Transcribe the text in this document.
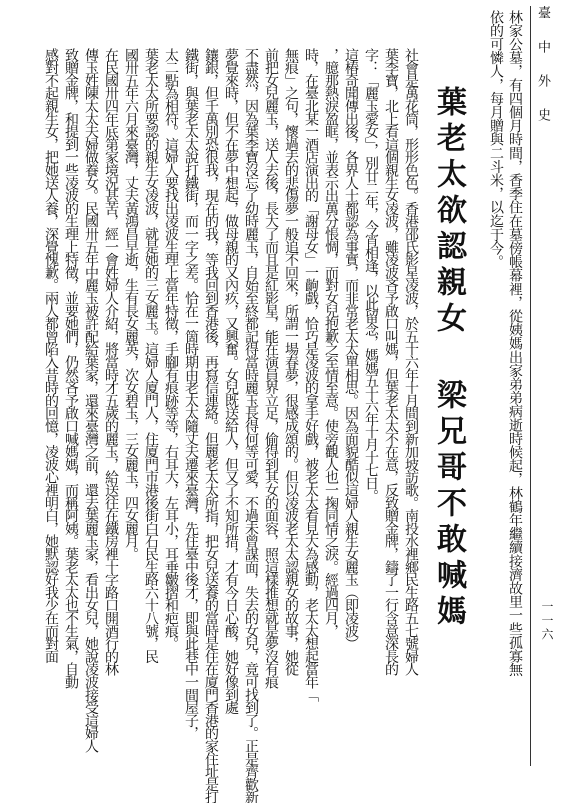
臺 中 外 史
一一六
林家公墓，有四個月時間，香季住在墓傍帳幕裡，從姨媽出家弟弟病逝時候起，林鶴年繼續接濟故里一些孤寡無
依的可憐人，每月贈與二斗米，以迄于今。
葉老太欲認親女 梁兄哥不敢喊媽
社會是萬花筒，形形色色。香港邵氏影星凌波，於五十六年十月間到新加坡訪歌。南投水裡鄉民生路五七號婦人
葉李寶，北上看這個親生女凌波，雖凌波吝予啟口叫媽，但葉老太太不在意，反致贈金牌，鑄了一行含意深長的
字：「麗玉愛女」，別廿二年，今宵相逢，以此留念，媽媽五十六年十月十七日。
這樁奇聞傳出後，各界人士都認為事實，而非常老太太單相思。因為面貌酷似這婦人親生女麗玉（即凌波）
，臆那熱淚盈眶，並表示出萬分悵惆，而對女兒抱歉之至情至意。使旁觀人也一掬同情之淚。經過四月，
時，在臺北某一酒店演出的「謝母女」一齣戲，恰巧是凌波的拿手好戲，被老太太看見大為感動，老太太想起當年「
無痕」之句，懷過去的悲傷夢一般追不回來，所謂一場春夢，很感成頌的。但以凌波老太太認親女的故事，她從
前把女兒麗玉，送人去後，長大了而且是紅影星，能在演員界立足，偷得到其女的面容，照這樣推想就是夢沒有痕
不盡然，因為葉李寶沒忘了幼時麗玉，自始至終都記得當時麗玉長得何等可愛，不過未曾謀面，失去的女兒，竟可找到了。正是齊歡新
夢覺來時，但不在夢中想起，做母親的又內疚，又興奮。女兒既送給人，但又了不知所措，才有今日心酸，她好像到處
鑲銀，但千萬別恐很我，現在的我，等我回到香港後，再寫信連絡。但麗老太太所指，把女兒送養的當時是住在廈門香港的家住址是打
鐵街，與葉老太太說打鐵街，而一字之差。恰在一箇時期由老太太隨丈夫遷來臺灣，先住臺中後才，即與此巷中一間屋子，
太二點為相符。這婦人要找出凌波生理上當年特徵，手腳有痕跡等等，右耳大，左耳小，耳垂皺摺和疤痕。
葉老太太所要認的親生女凌波，就是她的三女麗玉。這婦人廈門人，住廈門市港後街白石民生路六十八號，民
國卅五年六月來臺灣，丈夫黃鴻昌早逝，生有長女麗英，次女碧玉，三女麗玉，四女麗月。
在民國卅四年底第家境況甚苦，經一會姓婦人介紹，將當時才五歲的麗玉，給送往在鐵房裡十字路口開酒行的林
傳玉姓陳太太夫婦做養女。民國卅五年中麗玉被許配給葉家，還來臺灣之前，還去葉麗玉家，看出女兒，她說凌波接受這婦人
致贈金牌，和提到一些凌波的生理上特徵，並要她們，仍然吝予啟口喊媽媽，而稱阿姨。葉老太太也不生氣，自動
感對不起親生女，把她送人養，深覺愧歉。兩人都曾陷入昔時的回憶，凌波心裡明白，她默認好我少在而對面
